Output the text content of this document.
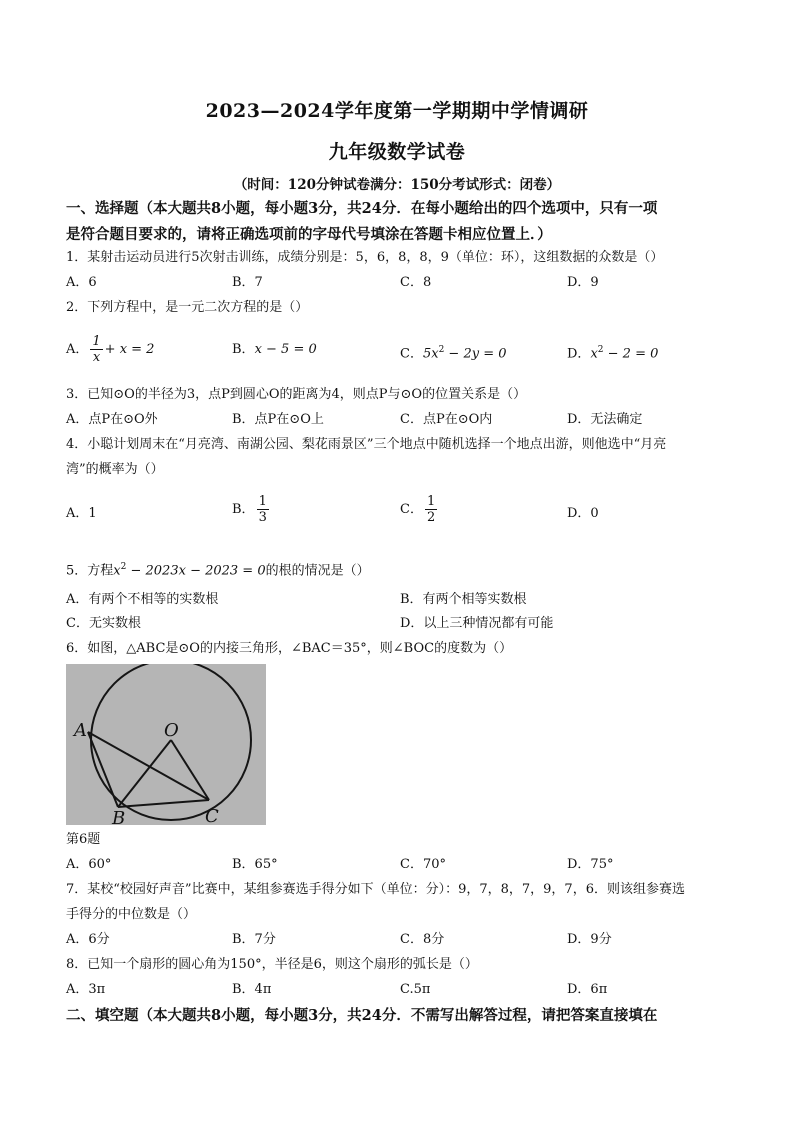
2023—2024学年度第一学期期中学情调研
九年级数学试卷
（时间：120分钟试卷满分：150分考试形式：闭卷）
一、选择题（本大题共8小题，每小题3分，共24分．在每小题给出的四个选项中，只有一项
是符合题目要求的，请将正确选项前的字母代号填涂在答题卡相应位置上．）
1．某射击运动员进行5次射击训练，成绩分别是：5，6，8，8，9（单位：环），这组数据的众数是（）
A．6	B．7	C．8	D．9
2．下列方程中，是一元二次方程的是（）
A． $\frac{1}{x} + x = 2$	B．x − 5 = 0	C．$5x^2 - 2y = 0$	D．$x^2 - 2 = 0$
3．已知⊙O的半径为3，点P到圆心O的距离为4，则点P与⊙O的位置关系是（）
A．点P在⊙O外	B．点P在⊙O上	C．点P在⊙O内	D．无法确定
4．小聪计划周末在“月亮湾、南湖公园、梨花雨景区”三个地点中随机选择一个地点出游，则他选中“月亮
湾”的概率为（）
A．1	B． $\frac{1}{3}$	C． $\frac{1}{2}$	D．0
5．方程$x^2 - 2023x - 2023 = 0$的根的情况是（）
A．有两个不相等的实数根	B．有两个相等实数根
C．无实数根	D．以上三种情况都有可能
6．如图，△ABC是⊙O的内接三角形，∠BAC＝35°，则∠BOC的度数为（）
A	O
B	C
第6题
A．60°	B．65°	C．70°	D．75°
7．某校“校园好声音”比赛中，某组参赛选手得分如下（单位：分）：9，7，8，7，9，7，6．则该组参赛选
手得分的中位数是（）
A．6分	B．7分	C．8分	D．9分
8．已知一个扇形的圆心角为150°，半径是6，则这个扇形的弧长是（）
A．3π	B．4π	C.5π	D．6π
二、填空题（本大题共8小题，每小题3分，共24分．不需写出解答过程，请把答案直接填在
